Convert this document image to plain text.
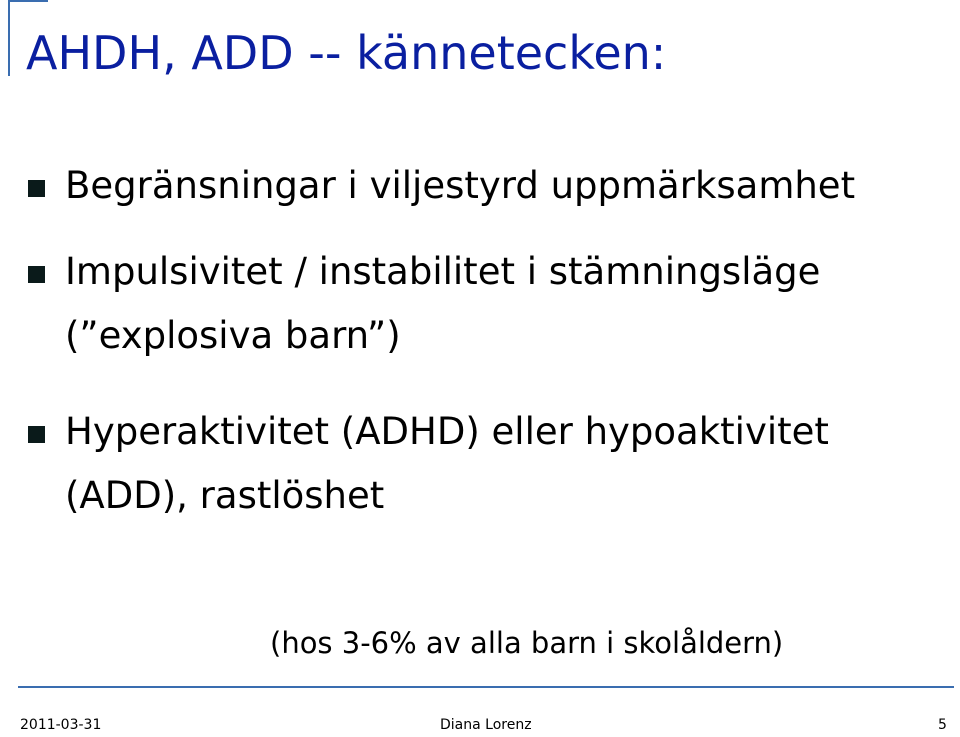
AHDH, ADD -- kännetecken:
Begränsningar i viljestyrd uppmärksamhet
Impulsivitet / instabilitet i stämningsläge
(”explosiva barn”)
Hyperaktivitet (ADHD) eller hypoaktivitet
(ADD), rastlöshet
(hos 3-6% av alla barn i skolåldern)
2011-03-31	Diana Lorenz	5
